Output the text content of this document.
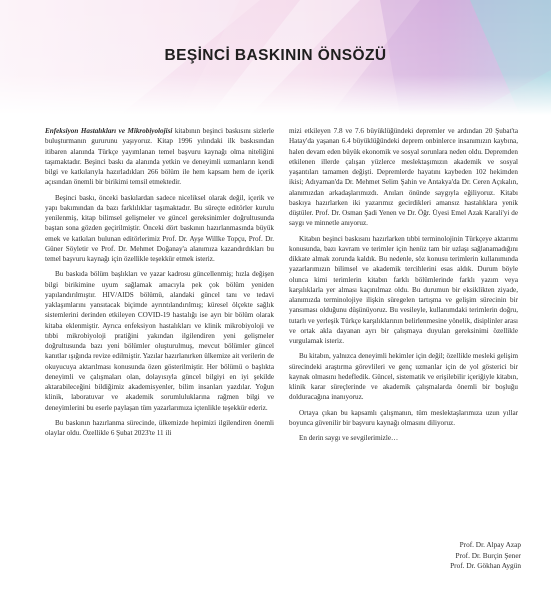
BEŞİNCİ BASKININ ÖNSÖZÜ

Enfeksiyon Hastalıkları ve Mikrobiyolojisi kitabının beşinci baskısını sizlerle buluşturmanın gururunu yaşıyoruz. Kitap 1996 yılındaki ilk baskısından itibaren alanında Türkçe yayımlanan temel başvuru kaynağı olma niteliğini taşımaktadır. Beşinci baskı da alanında yetkin ve deneyimli uzmanların kendi bilgi ve katkılarıyla hazırladıkları 266 bölüm ile hem kapsam hem de içerik açısından önemli bir birikimi temsil etmektedir.

Beşinci baskı, önceki baskılardan sadece niceliksel olarak değil, içerik ve yapı bakımından da bazı farklılıklar taşımaktadır. Bu süreçte editörler kurulu yenilenmiş, kitap bilimsel gelişmeler ve güncel gereksinimler doğrultusunda baştan sona gözden geçirilmiştir. Önceki dört baskının hazırlanmasında büyük emek ve katkıları bulunan editörlerimiz Prof. Dr. Ayşe Willke Topçu, Prof. Dr. Güner Söyletir ve Prof. Dr. Mehmet Doğanay'a alanımıza kazandırdıkları bu temel başvuru kaynağı için özellikle teşekkür etmek isteriz.

Bu baskıda bölüm başlıkları ve yazar kadrosu güncellenmiş; hızla değişen bilgi birikimine uyum sağlamak amacıyla pek çok bölüm yeniden yapılandırılmıştır. HIV/AIDS bölümü, alandaki güncel tanı ve tedavi yaklaşımlarını yansıtacak biçimde ayrıntılandırılmış; küresel ölçekte sağlık sistemlerini derinden etkileyen COVID-19 hastalığı ise ayrı bir bölüm olarak kitaba eklenmiştir. Ayrıca enfeksiyon hastalıkları ve klinik mikrobiyoloji ve tıbbi mikrobiyoloji pratiğini yakından ilgilendiren yeni gelişmeler doğrultusunda bazı yeni bölümler oluşturulmuş, mevcut bölümler güncel kanıtlar ışığında revize edilmiştir. Yazılar hazırlanırken ülkemize ait verilerin de okuyucuya aktarılması konusunda özen gösterilmiştir. Her bölümü o başlıkta deneyimli ve çalışmaları olan, dolayısıyla güncel bilgiyi en iyi şekilde aktarabileceğini bildiğimiz akademisyenler, bilim insanları yazdılar. Yoğun klinik, laboratuvar ve akademik sorumluluklarına rağmen bilgi ve deneyimlerini bu eserle paylaşan tüm yazarlarımıza içtenlikle teşekkür ederiz.

Bu baskının hazırlanma sürecinde, ülkemizde hepimizi ilgilendiren önemli olaylar oldu. Özellikle 6 Şubat 2023'te 11 ili

mizi etkileyen 7.8 ve 7.6 büyüklüğündeki depremler ve ardından 20 Şubat'ta Hatay'da yaşanan 6.4 büyüklüğündeki deprem onbinlerce insanımızın kaybına, halen devam eden büyük ekonomik ve sosyal sorunlara neden oldu. Depremden etkilenen illerde çalışan yüzlerce meslektaşımızın akademik ve sosyal yaşantıları tamamen değişti. Depremlerde hayatını kaybeden 102 hekimden ikisi; Adıyaman'da Dr. Mehmet Selim Şahin ve Antakya'da Dr. Ceren Açıkalın, alanımızdan arkadaşlarımızdı. Anıları önünde saygıyla eğiliyoruz. Kitabı baskıya hazırlarken iki yazarımız gecirdikleri amansız hastalıklara yenik düştüler. Prof. Dr. Osman Şadi Yenen ve Dr. Öğr. Üyesi Emel Azak Karali'yi de saygı ve minnetle anıyoruz.

Kitabın beşinci baskısını hazırlarken tıbbi terminolojinin Türkçeye aktarımı konusunda, bazı kavram ve terimler için henüz tam bir uzlaşı sağlanamadığını dikkate almak zorunda kaldık. Bu nedenle, söz konusu terimlerin kullanımında yazarlarımızın bilimsel ve akademik tercihlerini esas aldık. Durum böyle olunca kimi terimlerin kitabın farklı bölümlerinde farklı yazım veya karşılıklarla yer alması kaçınılmaz oldu. Bu durumun bir eksiklikten ziyade, alanımızda terminolojiye ilişkin süregelen tartışma ve gelişim sürecinin bir yansıması olduğunu düşünüyoruz. Bu vesileyle, kullanımdaki terimlerin doğru, tutarlı ve yerleşik Türkçe karşılıklarının belirlenmesine yönelik, disiplinler arası ve ortak akla dayanan ayrı bir çalışmaya duyulan gereksinimi özellikle vurgulamak isteriz.

Bu kitabın, yalnızca deneyimli hekimler için değil; özellikle mesleki gelişim sürecindeki araştırma görevlileri ve genç uzmanlar için de yol gösterici bir kaynak olmasını hedefledik. Güncel, sistematik ve erişilebilir içeriğiyle kitabın, klinik karar süreçlerinde ve akademik çalışmalarda önemli bir boşluğu dolduracağına inanıyoruz.

Ortaya çıkan bu kapsamlı çalışmanın, tüm meslektaşlarımıza uzun yıllar boyunca güvenilir bir başvuru kaynağı olmasını diliyoruz.

En derin saygı ve sevgilerimizle…

Prof. Dr. Alpay Azap
Prof. Dr. Burçin Şener
Prof. Dr. Gökhan Aygün
